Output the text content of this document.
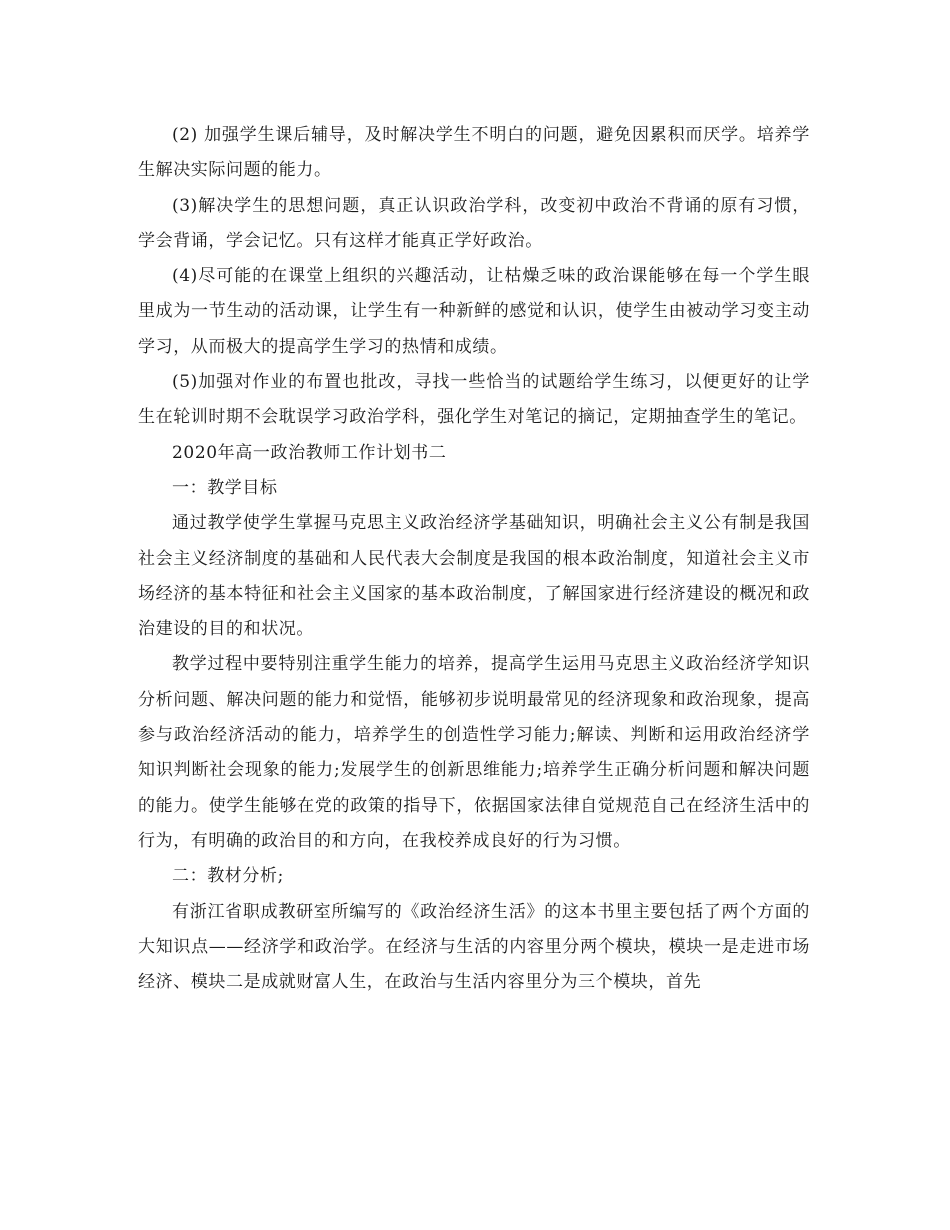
(2) 加强学生课后辅导，及时解决学生不明白的问题，避免因累积而厌学。培养学生解决实际问题的能力。

(3)解决学生的思想问题，真正认识政治学科，改变初中政治不背诵的原有习惯，学会背诵，学会记忆。只有这样才能真正学好政治。

(4)尽可能的在课堂上组织的兴趣活动，让枯燥乏味的政治课能够在每一个学生眼里成为一节生动的活动课，让学生有一种新鲜的感觉和认识，使学生由被动学习变主动学习，从而极大的提高学生学习的热情和成绩。

(5)加强对作业的布置也批改，寻找一些恰当的试题给学生练习，以便更好的让学生在轮训时期不会耽误学习政治学科，强化学生对笔记的摘记，定期抽查学生的笔记。

2020年高一政治教师工作计划书二

一：教学目标

通过教学使学生掌握马克思主义政治经济学基础知识，明确社会主义公有制是我国社会主义经济制度的基础和人民代表大会制度是我国的根本政治制度，知道社会主义市场经济的基本特征和社会主义国家的基本政治制度，了解国家进行经济建设的概况和政治建设的目的和状况。

教学过程中要特别注重学生能力的培养，提高学生运用马克思主义政治经济学知识分析问题、解决问题的能力和觉悟，能够初步说明最常见的经济现象和政治现象，提高参与政治经济活动的能力，培养学生的创造性学习能力;解读、判断和运用政治经济学知识判断社会现象的能力;发展学生的创新思维能力;培养学生正确分析问题和解决问题的能力。使学生能够在党的政策的指导下，依据国家法律自觉规范自己在经济生活中的行为，有明确的政治目的和方向，在我校养成良好的行为习惯。

二：教材分析;

有浙江省职成教研室所编写的《政治经济生活》的这本书里主要包括了两个方面的大知识点——经济学和政治学。在经济与生活的内容里分两个模块，模块一是走进市场经济、模块二是成就财富人生，在政治与生活内容里分为三个模块，首先
